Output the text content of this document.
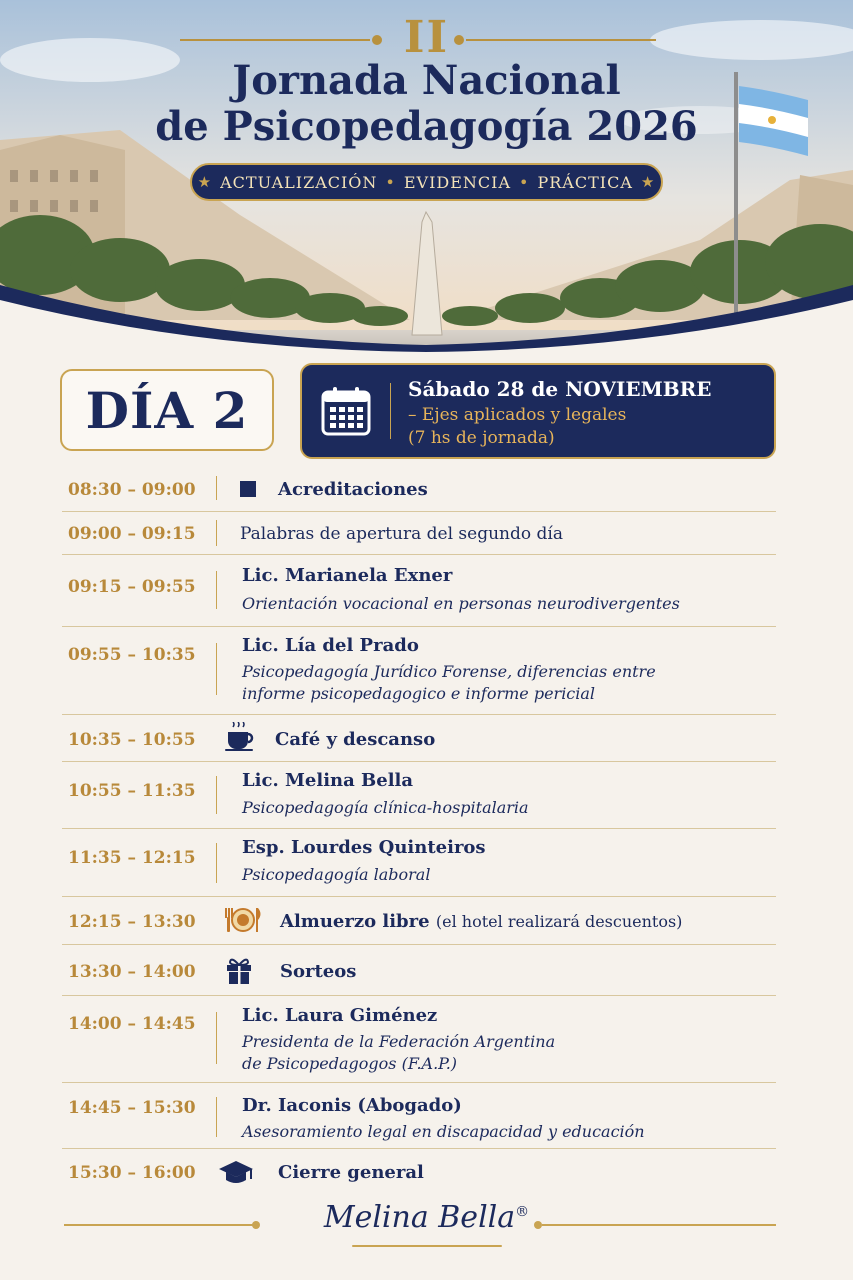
II
Jornada Nacional
de Psicopedagogía 2026
★ ACTUALIZACIÓN • EVIDENCIA • PRÁCTICA ★
DÍA 2	Sábado 28 de NOVIEMBRE
– Ejes aplicados y legales
(7 hs de jornada)
08:30 – 09:00	Acreditaciones
09:00 – 09:15	Palabras de apertura del segundo día
09:15 – 09:55
Lic. Marianela Exner
Orientación vocacional en personas neurodivergentes
09:55 – 10:35	Lic. Lía del Prado
Psicopedagogía Jurídico Forense, diferencias entre
informe psicopedagogico e informe pericial
10:35 – 10:55	Café y descanso
10:55 – 11:35	Lic. Melina Bella
Psicopedagogía clínica-hospitalaria
11:35 – 12:15	Esp. Lourdes Quinteiros
Psicopedagogía laboral
12:15 – 13:30	Almuerzo libre (el hotel realizará descuentos)
13:30 – 14:00	Sorteos
14:00 – 14:45	Lic. Laura Giménez
Presidenta de la Federación Argentina
de Psicopedagogos (F.A.P.)
14:45 – 15:30	Dr. Iaconis (Abogado)
Asesoramiento legal en discapacidad y educación
15:30 – 16:00	Cierre general
Melina Bella®
